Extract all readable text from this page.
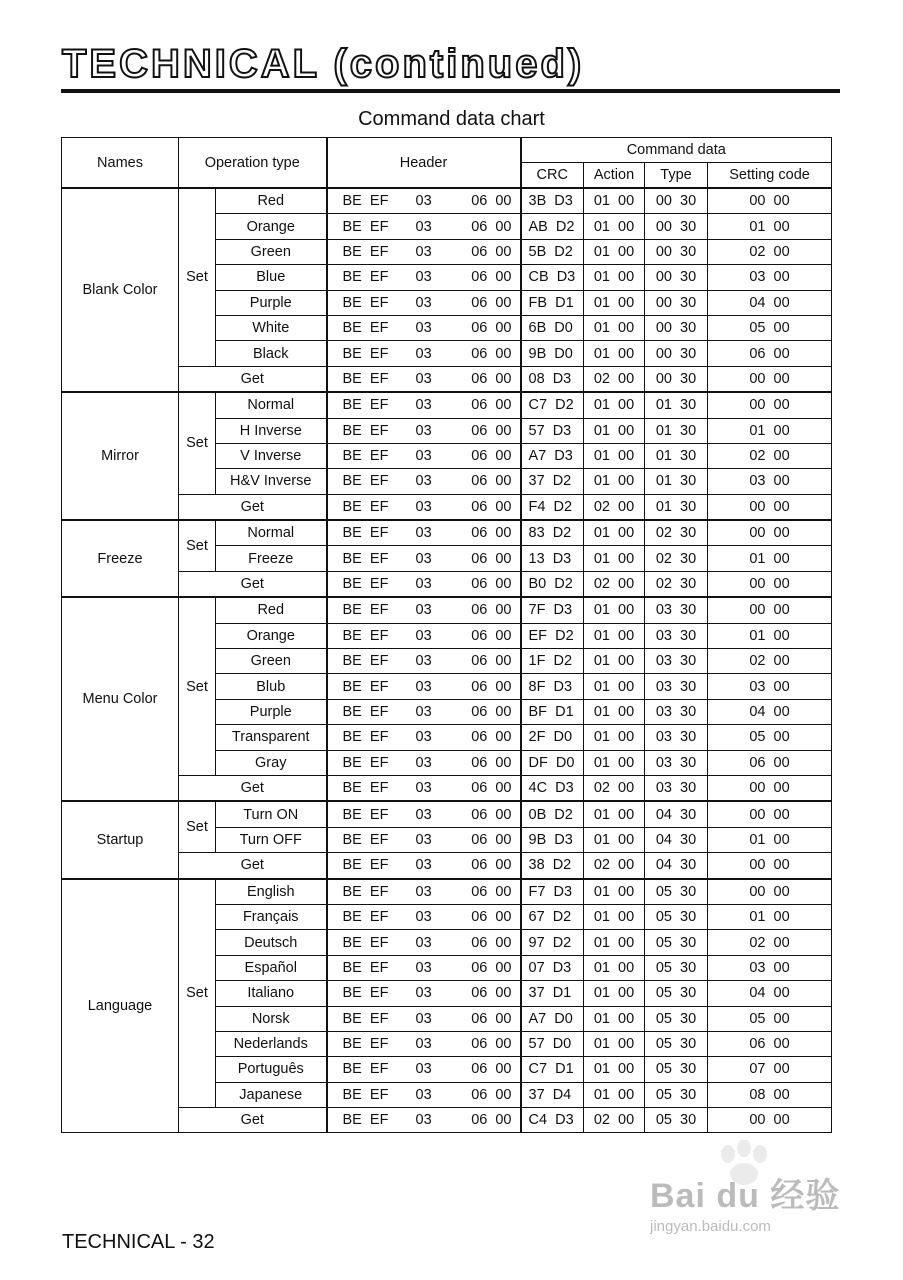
TECHNICAL (continued)
Command data chart
Names	Operation type		Header			Command data			
						CRC	Action	Type	Setting code
Blank Color	Set	Red	BE  EF	03	06  00	3B  D3	01  00	00  30	00  00
		Orange	BE  EF	03	06  00	AB  D2	01  00	00  30	01  00
		Green	BE  EF	03	06  00	5B  D2	01  00	00  30	02  00
		Blue	BE  EF	03	06  00	CB  D3	01  00	00  30	03  00
		Purple	BE  EF	03	06  00	FB  D1	01  00	00  30	04  00
		White	BE  EF	03	06  00	6B  D0	01  00	00  30	05  00
		Black	BE  EF	03	06  00	9B  D0	01  00	00  30	06  00
	Get		BE  EF	03	06  00	08  D3	02  00	00  30	00  00
Mirror	Set	Normal	BE  EF	03	06  00	C7  D2	01  00	01  30	00  00
		H Inverse	BE  EF	03	06  00	57  D3	01  00	01  30	01  00
		V Inverse	BE  EF	03	06  00	A7  D3	01  00	01  30	02  00
		H&V Inverse	BE  EF	03	06  00	37  D2	01  00	01  30	03  00
	Get		BE  EF	03	06  00	F4  D2	02  00	01  30	00  00
Freeze	Set	Normal	BE  EF	03	06  00	83  D2	01  00	02  30	00  00
		Freeze	BE  EF	03	06  00	13  D3	01  00	02  30	01  00
	Get		BE  EF	03	06  00	B0  D2	02  00	02  30	00  00
Menu Color	Set	Red	BE  EF	03	06  00	7F  D3	01  00	03  30	00  00
		Orange	BE  EF	03	06  00	EF  D2	01  00	03  30	01  00
		Green	BE  EF	03	06  00	1F  D2	01  00	03  30	02  00
		Blub	BE  EF	03	06  00	8F  D3	01  00	03  30	03  00
		Purple	BE  EF	03	06  00	BF  D1	01  00	03  30	04  00
		Transparent	BE  EF	03	06  00	2F  D0	01  00	03  30	05  00
		Gray	BE  EF	03	06  00	DF  D0	01  00	03  30	06  00
	Get		BE  EF	03	06  00	4C  D3	02  00	03  30	00  00
Startup	Set	Turn ON	BE  EF	03	06  00	0B  D2	01  00	04  30	00  00
		Turn OFF	BE  EF	03	06  00	9B  D3	01  00	04  30	01  00
	Get		BE  EF	03	06  00	38  D2	02  00	04  30	00  00
Language	Set	English	BE  EF	03	06  00	F7  D3	01  00	05  30	00  00
		Français	BE  EF	03	06  00	67  D2	01  00	05  30	01  00
		Deutsch	BE  EF	03	06  00	97  D2	01  00	05  30	02  00
		Español	BE  EF	03	06  00	07  D3	01  00	05  30	03  00
		Italiano	BE  EF	03	06  00	37  D1	01  00	05  30	04  00
		Norsk	BE  EF	03	06  00	A7  D0	01  00	05  30	05  00
		Nederlands	BE  EF	03	06  00	57  D0	01  00	05  30	06  00
		Português	BE  EF	03	06  00	C7  D1	01  00	05  30	07  00
		Japanese	BE  EF	03	06  00	37  D4	01  00	05  30	08  00
	Get		BE  EF	03	06  00	C4  D3	02  00	05  30	00  00
TECHNICAL - 32
Bai du 经验
jingyan.baidu.com
